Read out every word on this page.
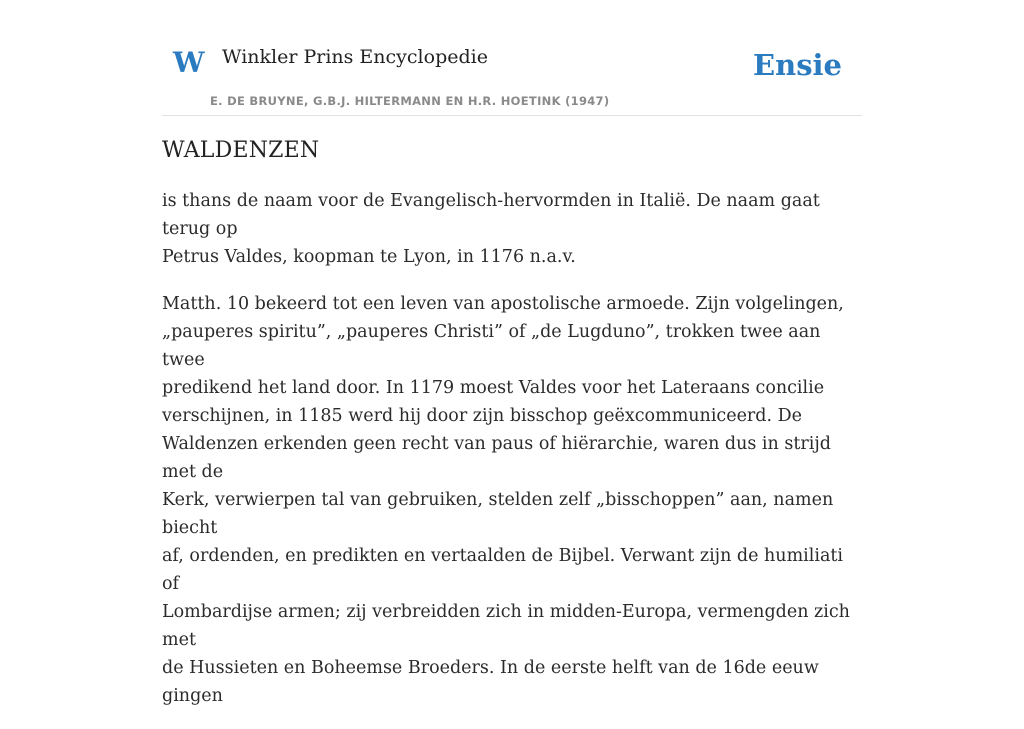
W Winkler Prins Encyclopedie
E. DE BRUYNE, G.B.J. HILTERMANN EN H.R. HOETINK (1947)
Ensie
WALDENZEN

is thans de naam voor de Evangelisch-hervormden in Italië. De naam gaat terug op
Petrus Valdes, koopman te Lyon, in 1176 n.a.v.

Matth. 10 bekeerd tot een leven van apostolische armoede. Zijn volgelingen,
„pauperes spiritu”, „pauperes Christi” of „de Lugduno”, trokken twee aan twee
predikend het land door. In 1179 moest Valdes voor het Lateraans concilie
verschijnen, in 1185 werd hij door zijn bisschop geëxcommuniceerd. De
Waldenzen erkenden geen recht van paus of hiërarchie, waren dus in strijd met de
Kerk, verwierpen tal van gebruiken, stelden zelf „bisschoppen” aan, namen biecht
af, ordenden, en predikten en vertaalden de Bijbel. Verwant zijn de humiliati of
Lombardijse armen; zij verbreidden zich in midden-Europa, vermengden zich met
de Hussieten en Boheemse Broeders. In de eerste helft van de 16de eeuw gingen
